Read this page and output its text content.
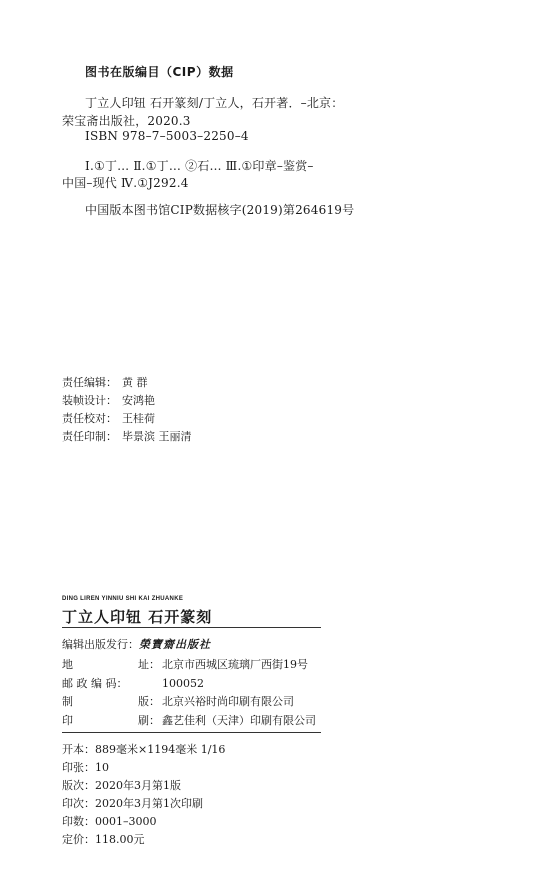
图书在版编目（CIP）数据
丁立人印钮 石开篆刻/丁立人，石开著．–北京：
荣宝斋出版社，2020.3
ISBN 978–7–5003–2250–4
Ⅰ.①丁… Ⅱ.①丁… ②石… Ⅲ.①印章–鉴赏–
中国–现代 Ⅳ.①J292.4
中国版本图书馆CIP数据核字(2019)第264619号
责任编辑： 黄 群
装帧设计： 安鸿艳
责任校对： 王桂荷
责任印制： 毕景滨 王丽清
DING LIREN YINNIU SHI KAI ZHUANKE
丁立人印钮 石开篆刻
编辑出版发行：榮寶齋出版社
地	址： 北京市西城区琉璃厂西街19号
邮 政 编 码：	100052
制	版： 北京兴裕时尚印刷有限公司
印	刷： 鑫艺佳利（天津）印刷有限公司
开本：889毫米×1194毫米 1/16
印张：10
版次：2020年3月第1版
印次：2020年3月第1次印刷
印数：0001–3000
定价：118.00元
